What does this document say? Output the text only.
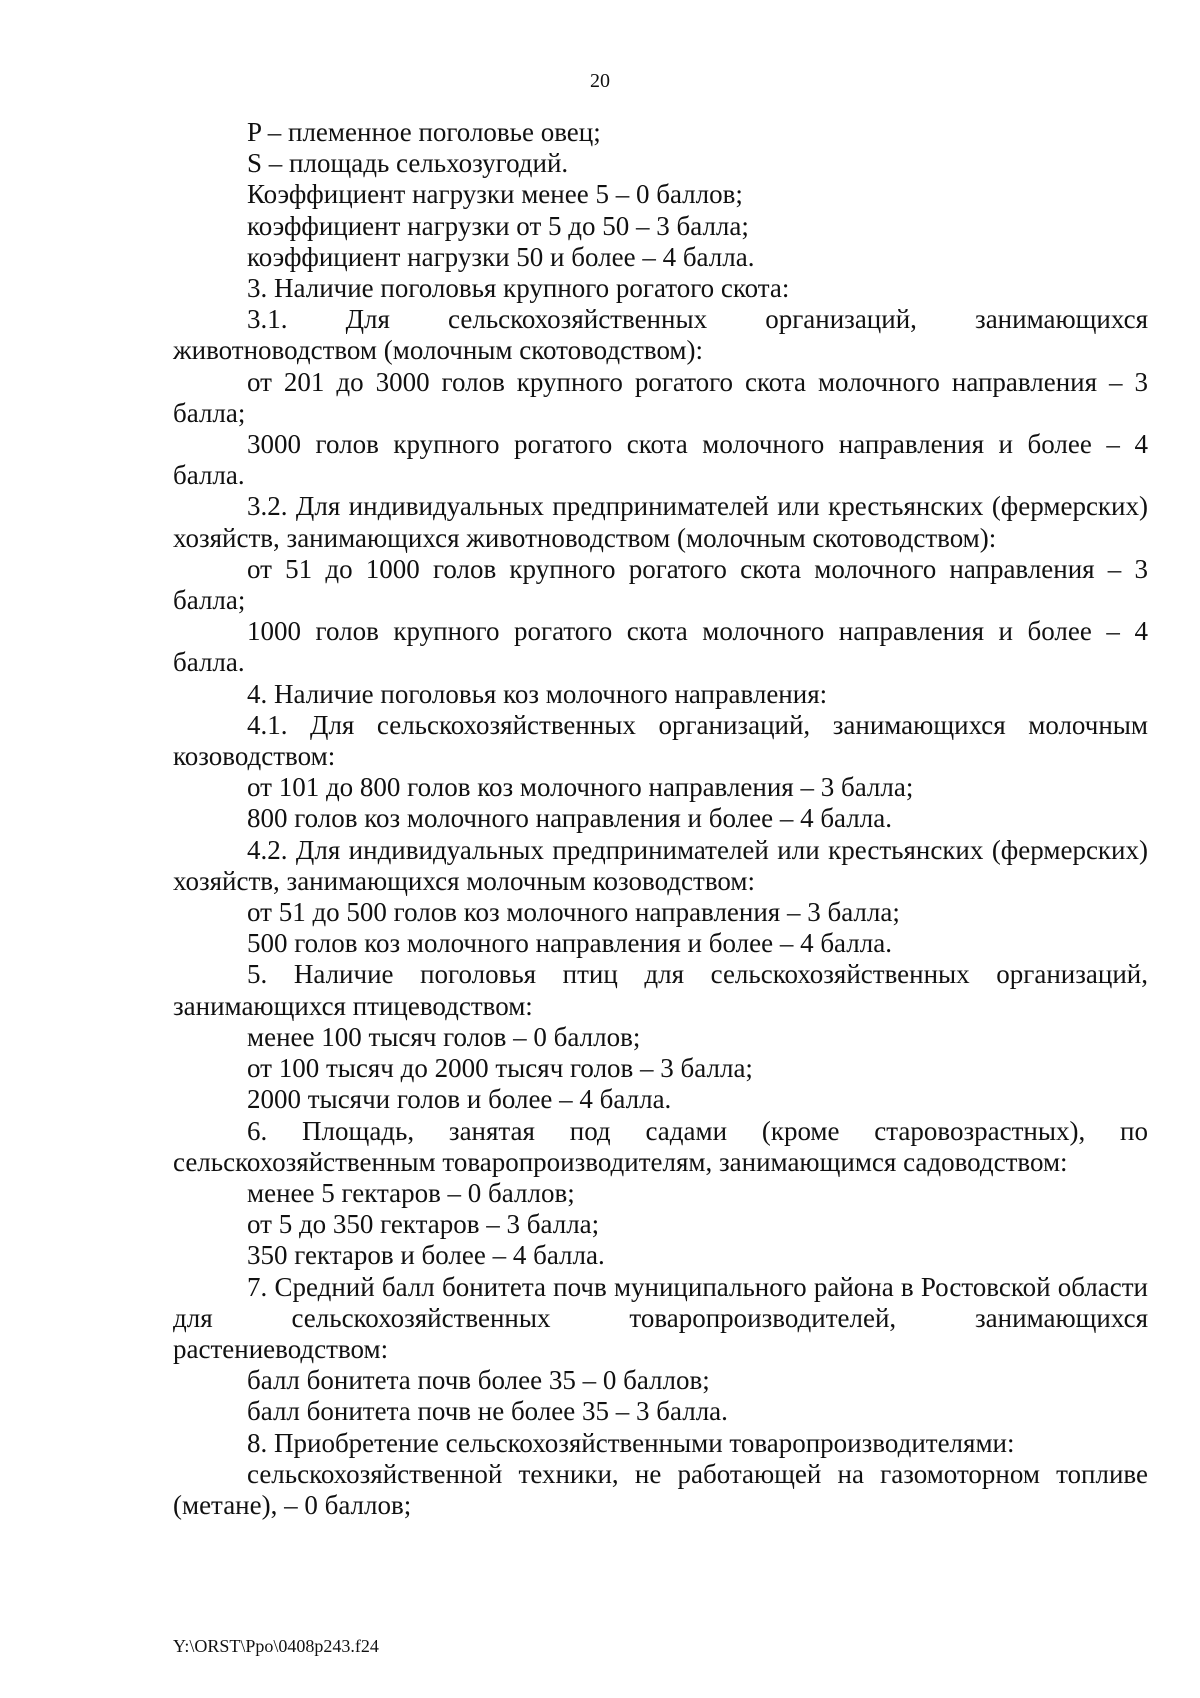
20

P – племенное поголовье овец;

S – площадь сельхозугодий.

Коэффициент нагрузки менее 5 – 0 баллов;

коэффициент нагрузки от 5 до 50 – 3 балла;

коэффициент нагрузки 50 и более – 4 балла.

3. Наличие поголовья крупного рогатого скота:

3.1. Для сельскохозяйственных организаций, занимающихся животноводством (молочным скотоводством):

от 201 до 3000 голов крупного рогатого скота молочного направления – 3 балла;

3000 голов крупного рогатого скота молочного направления и более – 4 балла.

3.2. Для индивидуальных предпринимателей или крестьянских (фермерских) хозяйств, занимающихся животноводством (молочным скотоводством):

от 51 до 1000 голов крупного рогатого скота молочного направления – 3 балла;

1000 голов крупного рогатого скота молочного направления и более – 4 балла.

4. Наличие поголовья коз молочного направления:

4.1. Для сельскохозяйственных организаций, занимающихся молочным козоводством:

от 101 до 800 голов коз молочного направления – 3 балла;

800 голов коз молочного направления и более – 4 балла.

4.2. Для индивидуальных предпринимателей или крестьянских (фермерских) хозяйств, занимающихся молочным козоводством:

от 51 до 500 голов коз молочного направления – 3 балла;

500 голов коз молочного направления и более – 4 балла.

5. Наличие поголовья птиц для сельскохозяйственных организаций, занимающихся птицеводством:

менее 100 тысяч голов – 0 баллов;

от 100 тысяч до 2000 тысяч голов – 3 балла;

2000 тысячи голов и более – 4 балла.

6. Площадь, занятая под садами (кроме старовозрастных), по сельскохозяйственным товаропроизводителям, занимающимся садоводством:

менее 5 гектаров – 0 баллов;

от 5 до 350 гектаров – 3 балла;

350 гектаров и более – 4 балла.

7. Средний балл бонитета почв муниципального района в Ростовской области для сельскохозяйственных товаропроизводителей, занимающихся растениеводством:

балл бонитета почв более 35 – 0 баллов;

балл бонитета почв не более 35 – 3 балла.

8. Приобретение сельскохозяйственными товаропроизводителями:

сельскохозяйственной техники, не работающей на газомоторном топливе (метане), – 0 баллов;

Y:\ORST\Ppo\0408p243.f24
